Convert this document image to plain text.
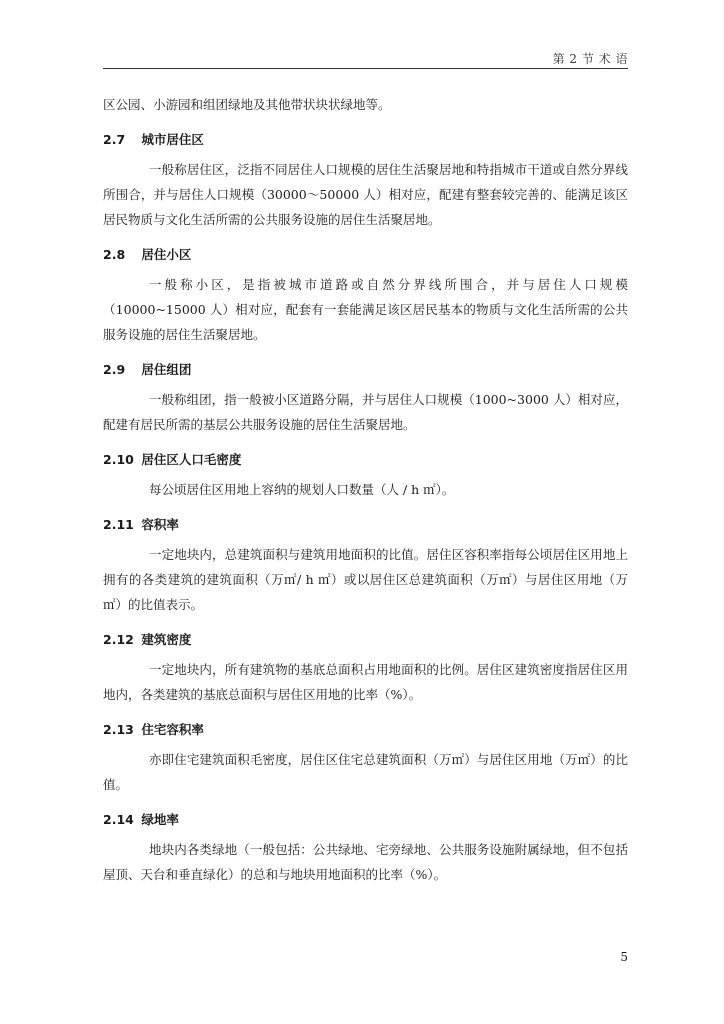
第 2 节 术 语

区公园、小游园和组团绿地及其他带状块状绿地等。

2.7 城市居住区

一般称居住区，泛指不同居住人口规模的居住生活聚居地和特指城市干道或自然分界线所围合，并与居住人口规模（30000～50000 人）相对应，配建有整套较完善的、能满足该区居民物质与文化生活所需的公共服务设施的居住生活聚居地。

2.8 居住小区

一般称小区，是指被城市道路或自然分界线所围合，并与居住人口规模（10000~15000 人）相对应，配套有一套能满足该区居民基本的物质与文化生活所需的公共服务设施的居住生活聚居地。

2.9 居住组团

一般称组团，指一般被小区道路分隔，并与居住人口规模（1000~3000 人）相对应，配建有居民所需的基层公共服务设施的居住生活聚居地。

2.10 居住区人口毛密度

每公顷居住区用地上容纳的规划人口数量（人 / h ㎡）。

2.11 容积率

一定地块内，总建筑面积与建筑用地面积的比值。居住区容积率指每公顷居住区用地上拥有的各类建筑的建筑面积（万㎡/ h ㎡）或以居住区总建筑面积（万㎡）与居住区用地（万㎡）的比值表示。

2.12 建筑密度

一定地块内，所有建筑物的基底总面积占用地面积的比例。居住区建筑密度指居住区用地内，各类建筑的基底总面积与居住区用地的比率（%）。

2.13 住宅容积率

亦即住宅建筑面积毛密度，居住区住宅总建筑面积（万㎡）与居住区用地（万㎡）的比值。

2.14 绿地率

地块内各类绿地（一般包括：公共绿地、宅旁绿地、公共服务设施附属绿地，但不包括屋顶、天台和垂直绿化）的总和与地块用地面积的比率（%）。

5
